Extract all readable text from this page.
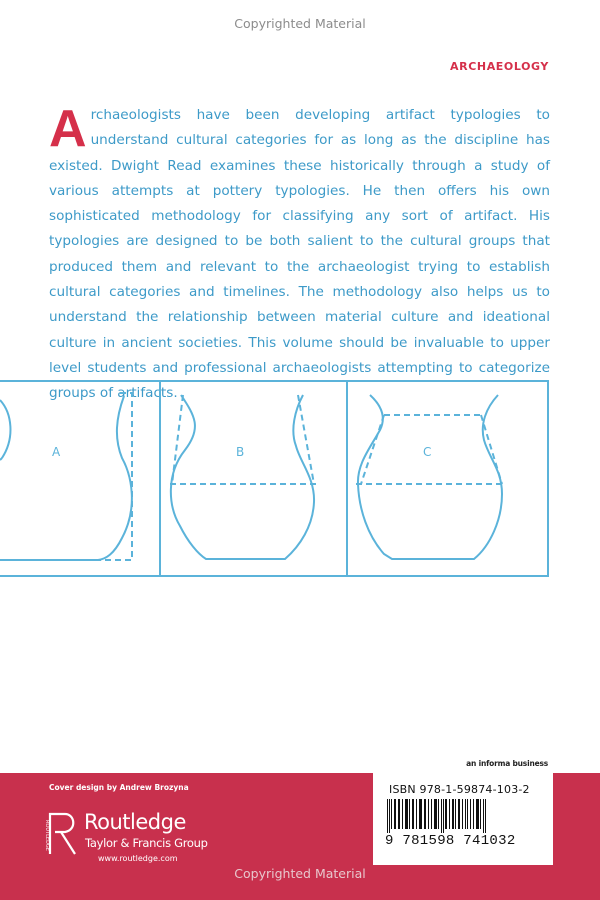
Copyrighted Material
ARCHAEOLOGY

Archaeologists have been developing artifact typologies to understand cultural categories for as long as the discipline has existed. Dwight Read examines these historically through a study of various attempts at pottery typologies. He then offers his own sophisticated methodology for classifying any sort of artifact. His typologies are designed to be both salient to the cultural groups that produced them and relevant to the archaeologist trying to establish cultural categories and timelines. The methodology also helps us to understand the relationship between material culture and ideational culture in ancient societies. This volume should be invaluable to upper level students and professional archaeologists attempting to categorize groups of artifacts.

A	B	C
an informa business
Cover design by Andrew Brozyna
ROUTLEDGE Routledge
Taylor & Francis Group
www.routledge.com
ISBN 978-1-59874-103-2
9 781598 741032
Copyrighted Material
